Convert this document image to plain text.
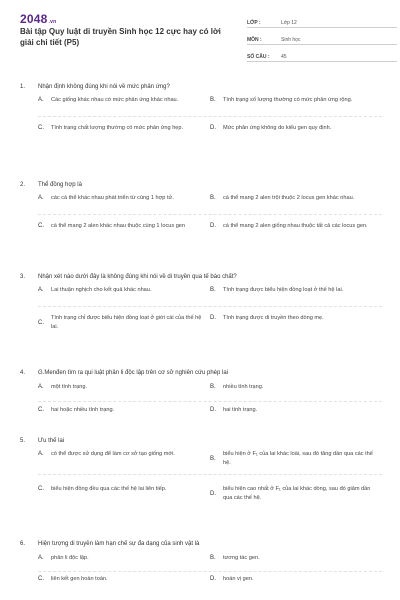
2048.vn
Bài tập Quy luật di truyền Sinh học 12 cực hay có lời giải chi tiết (P5)
LỚP :	Lớp 12
MÔN :	Sinh học
SỐ CÂU :	45
1.	Nhận định không đúng khi nói về mức phản ứng?
A.	Các giống khác nhau có mức phản ứng khác nhau.	B.	Tính trạng số lượng thường có mức phản ứng rộng.
C.	Tính trạng chất lượng thường có mức phản ứng hẹp.	D.	Mức phản ứng không do kiểu gen quy định.
2.	Thể đồng hợp là
A.	các cá thể khác nhau phát triển từ cùng 1 hợp tử.	B.	cá thể mang 2 alen trội thuộc 2 locus gen khác nhau.
C.	cá thể mang 2 alen khác nhau thuộc cùng 1 locus gen	D.	cá thể mang 2 alen giống nhau thuộc tất cả các locus gen.
3.	Nhận xét nào dưới đây là không đúng khi nói về di truyền qua tế bào chất?
A.	Lai thuận nghịch cho kết quả khác nhau.	B.	Tính trạng được biểu hiện đồng loạt ở thế hệ lai.
C.
Tính trạng chỉ được biểu hiện đồng loạt ở giới cái của thế hệ lai.
D.	Tính trạng được di truyền theo dòng mẹ.
4.	G.Menđen tìm ra qui luật phân li độc lập trên cơ sở nghiên cứu phép lai
A.	một tính trạng.	B.	nhiều tính trạng.
C.	hai hoặc nhiều tính trạng.	D.	hai tính trạng.
5.	Ưu thế lai
A.	có thể được sử dụng để làm cơ sở tạo giống mới.
B.
biểu hiện ở F₁ của lai khác loài, sau đó tăng dần qua các thế hệ.
C.	biểu hiện đồng đều qua các thế hệ lai liên tiếp.
D.
biểu hiện cao nhất ở F₁ của lai khác dòng, sau đó giảm dần qua các thế hệ.
6.	Hiện tượng di truyền làm hạn chế sự đa dạng của sinh vật là
A.	phân li độc lập.	B.	tương tác gen.
C.	liên kết gen hoàn toàn.	D.	hoán vị gen.
